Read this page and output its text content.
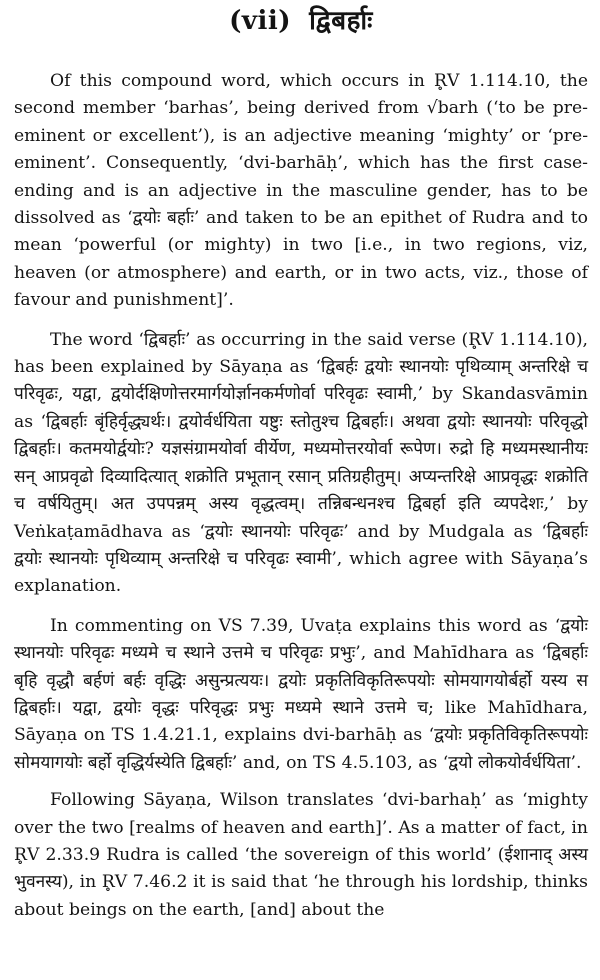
(vii) द्विबर्हाः

Of this compound word, which occurs in R̥V 1.114.10, the second member ‘barhas’, being derived from √barh (‘to be pre-eminent or excellent’), is an adjective meaning ‘mighty’ or ‘pre-eminent’. Consequently, ‘dvi-barhāḥ’, which has the first case-ending and is an adjective in the masculine gender, has to be dissolved as ‘द्वयोः बर्हाः’ and taken to be an epithet of Rudra and to mean ‘powerful (or mighty) in two [i.e., in two regions, viz, heaven (or atmosphere) and earth, or in two acts, viz., those of favour and punishment]’.

The word ‘द्विबर्हाः’ as occurring in the said verse (R̥V 1.114.10), has been explained by Sāyaṇa as ‘द्विबर्हः द्वयोः स्थानयोः पृथिव्याम् अन्तरिक्षे च परिवृढः, यद्वा, द्वयोर्दक्षिणोत्तरमार्गयोर्ज्ञानकर्मणोर्वा परिवृढः स्वामी,’ by Skandasvāmin as ‘द्विबर्हाः बृंहिर्वृद्ध्यर्थः। द्वयोर्वर्धयिता यष्टुः स्तोतुश्च द्विबर्हाः। अथवा द्वयोः स्थानयोः परिवृद्धो द्विबर्हाः। कतमयोर्द्वयोः? यज्ञसंग्रामयोर्वा वीर्येण, मध्यमोत्तरयोर्वा रूपेण। रुद्रो हि मध्यमस्थानीयः सन् आप्रवृढो दिव्यादित्यात् शक्रोति प्रभूतान् रसान् प्रतिग्रहीतुम्। अप्यन्तरिक्षे आप्रवृद्धः शक्रोति च वर्षयितुम्। अत उपपन्नम् अस्य वृद्धत्वम्। तन्निबन्धनश्च द्विबर्हा इति व्यपदेशः,’ by Veṅkaṭamādhava as ‘द्वयोः स्थानयोः परिवृढः’ and by Mudgala as ‘द्विबर्हाः द्वयोः स्थानयोः पृथिव्याम् अन्तरिक्षे च परिवृढः स्वामी’, which agree with Sāyaṇa’s explanation.

In commenting on VS 7.39, Uvaṭa explains this word as ‘द्वयोः स्थानयोः परिवृढः मध्यमे च स्थाने उत्तमे च परिवृढः प्रभुः’, and Mahīdhara as ‘द्विबर्हाः बृहि वृद्धौ बर्हणं बर्हः वृद्धिः असुन्प्रत्ययः। द्वयोः प्रकृतिविकृतिरूपयोः सोमयागयोर्बर्हो यस्य स द्विबर्हाः। यद्वा, द्वयोः वृद्धः परिवृद्धः प्रभुः मध्यमे स्थाने उत्तमे च; like Mahīdhara, Sāyaṇa on TS 1.4.21.1, explains dvi-barhāḥ as ‘द्वयोः प्रकृतिविकृतिरूपयोः सोमयागयोः बर्हो वृद्धिर्यस्येति द्विबर्हाः’ and, on TS 4.5.103, as ‘द्वयो लोकयोर्वर्धयिता’.

Following Sāyaṇa, Wilson translates ‘dvi-barhaḥ’ as ‘mighty over the two [realms of heaven and earth]’. As a matter of fact, in R̥V 2.33.9 Rudra is called ‘the sovereign of this world’ (ईशानाद् अस्य भुवनस्य), in R̥V 7.46.2 it is said that ‘he through his lordship, thinks about beings on the earth, [and] about the
